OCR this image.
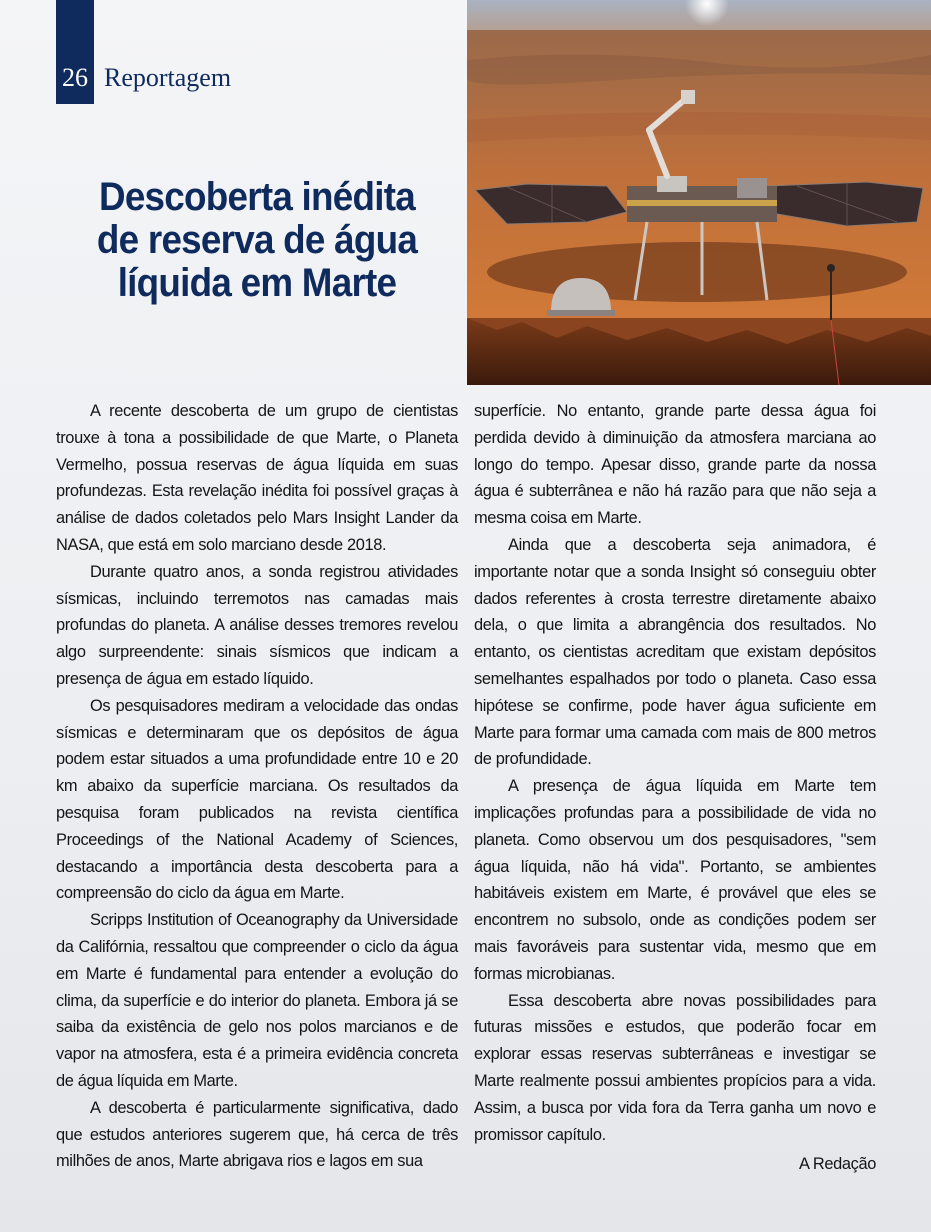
26 Reportagem
Descoberta inédita
de reserva de água
líquida em Marte

A recente descoberta de um grupo de cientistas trouxe à tona a possibilidade de que Marte, o Planeta Vermelho, possua reservas de água líquida em suas profundezas. Esta revelação inédita foi possível graças à análise de dados coletados pelo Mars Insight Lander da NASA, que está em solo marciano desde 2018.

Durante quatro anos, a sonda registrou atividades sísmicas, incluindo terremotos nas camadas mais profundas do planeta. A análise desses tremores revelou algo surpreendente: sinais sísmicos que indicam a presença de água em estado líquido.

Os pesquisadores mediram a velocidade das ondas sísmicas e determinaram que os depósitos de água podem estar situados a uma profundidade entre 10 e 20 km abaixo da superfície marciana. Os resultados da pesquisa foram publicados na revista científica Proceedings of the National Academy of Sciences, destacando a importância desta descoberta para a compreensão do ciclo da água em Marte.

Scripps Institution of Oceanography da Universidade da Califórnia, ressaltou que compreender o ciclo da água em Marte é fundamental para entender a evolução do clima, da superfície e do interior do planeta. Embora já se saiba da existência de gelo nos polos marcianos e de vapor na atmosfera, esta é a primeira evidência concreta de água líquida em Marte.

A descoberta é particularmente significativa, dado que estudos anteriores sugerem que, há cerca de três milhões de anos, Marte abrigava rios e lagos em sua

superfície. No entanto, grande parte dessa água foi perdida devido à diminuição da atmosfera marciana ao longo do tempo. Apesar disso, grande parte da nossa água é subterrânea e não há razão para que não seja a mesma coisa em Marte.

Ainda que a descoberta seja animadora, é importante notar que a sonda Insight só conseguiu obter dados referentes à crosta terrestre diretamente abaixo dela, o que limita a abrangência dos resultados. No entanto, os cientistas acreditam que existam depósitos semelhantes espalhados por todo o planeta. Caso essa hipótese se confirme, pode haver água suficiente em Marte para formar uma camada com mais de 800 metros de profundidade.

A presença de água líquida em Marte tem implicações profundas para a possibilidade de vida no planeta. Como observou um dos pesquisadores, "sem água líquida, não há vida". Portanto, se ambientes habitáveis existem em Marte, é provável que eles se encontrem no subsolo, onde as condições podem ser mais favoráveis para sustentar vida, mesmo que em formas microbianas.

Essa descoberta abre novas possibilidades para futuras missões e estudos, que poderão focar em explorar essas reservas subterrâneas e investigar se Marte realmente possui ambientes propícios para a vida. Assim, a busca por vida fora da Terra ganha um novo e promissor capítulo.

A Redação
